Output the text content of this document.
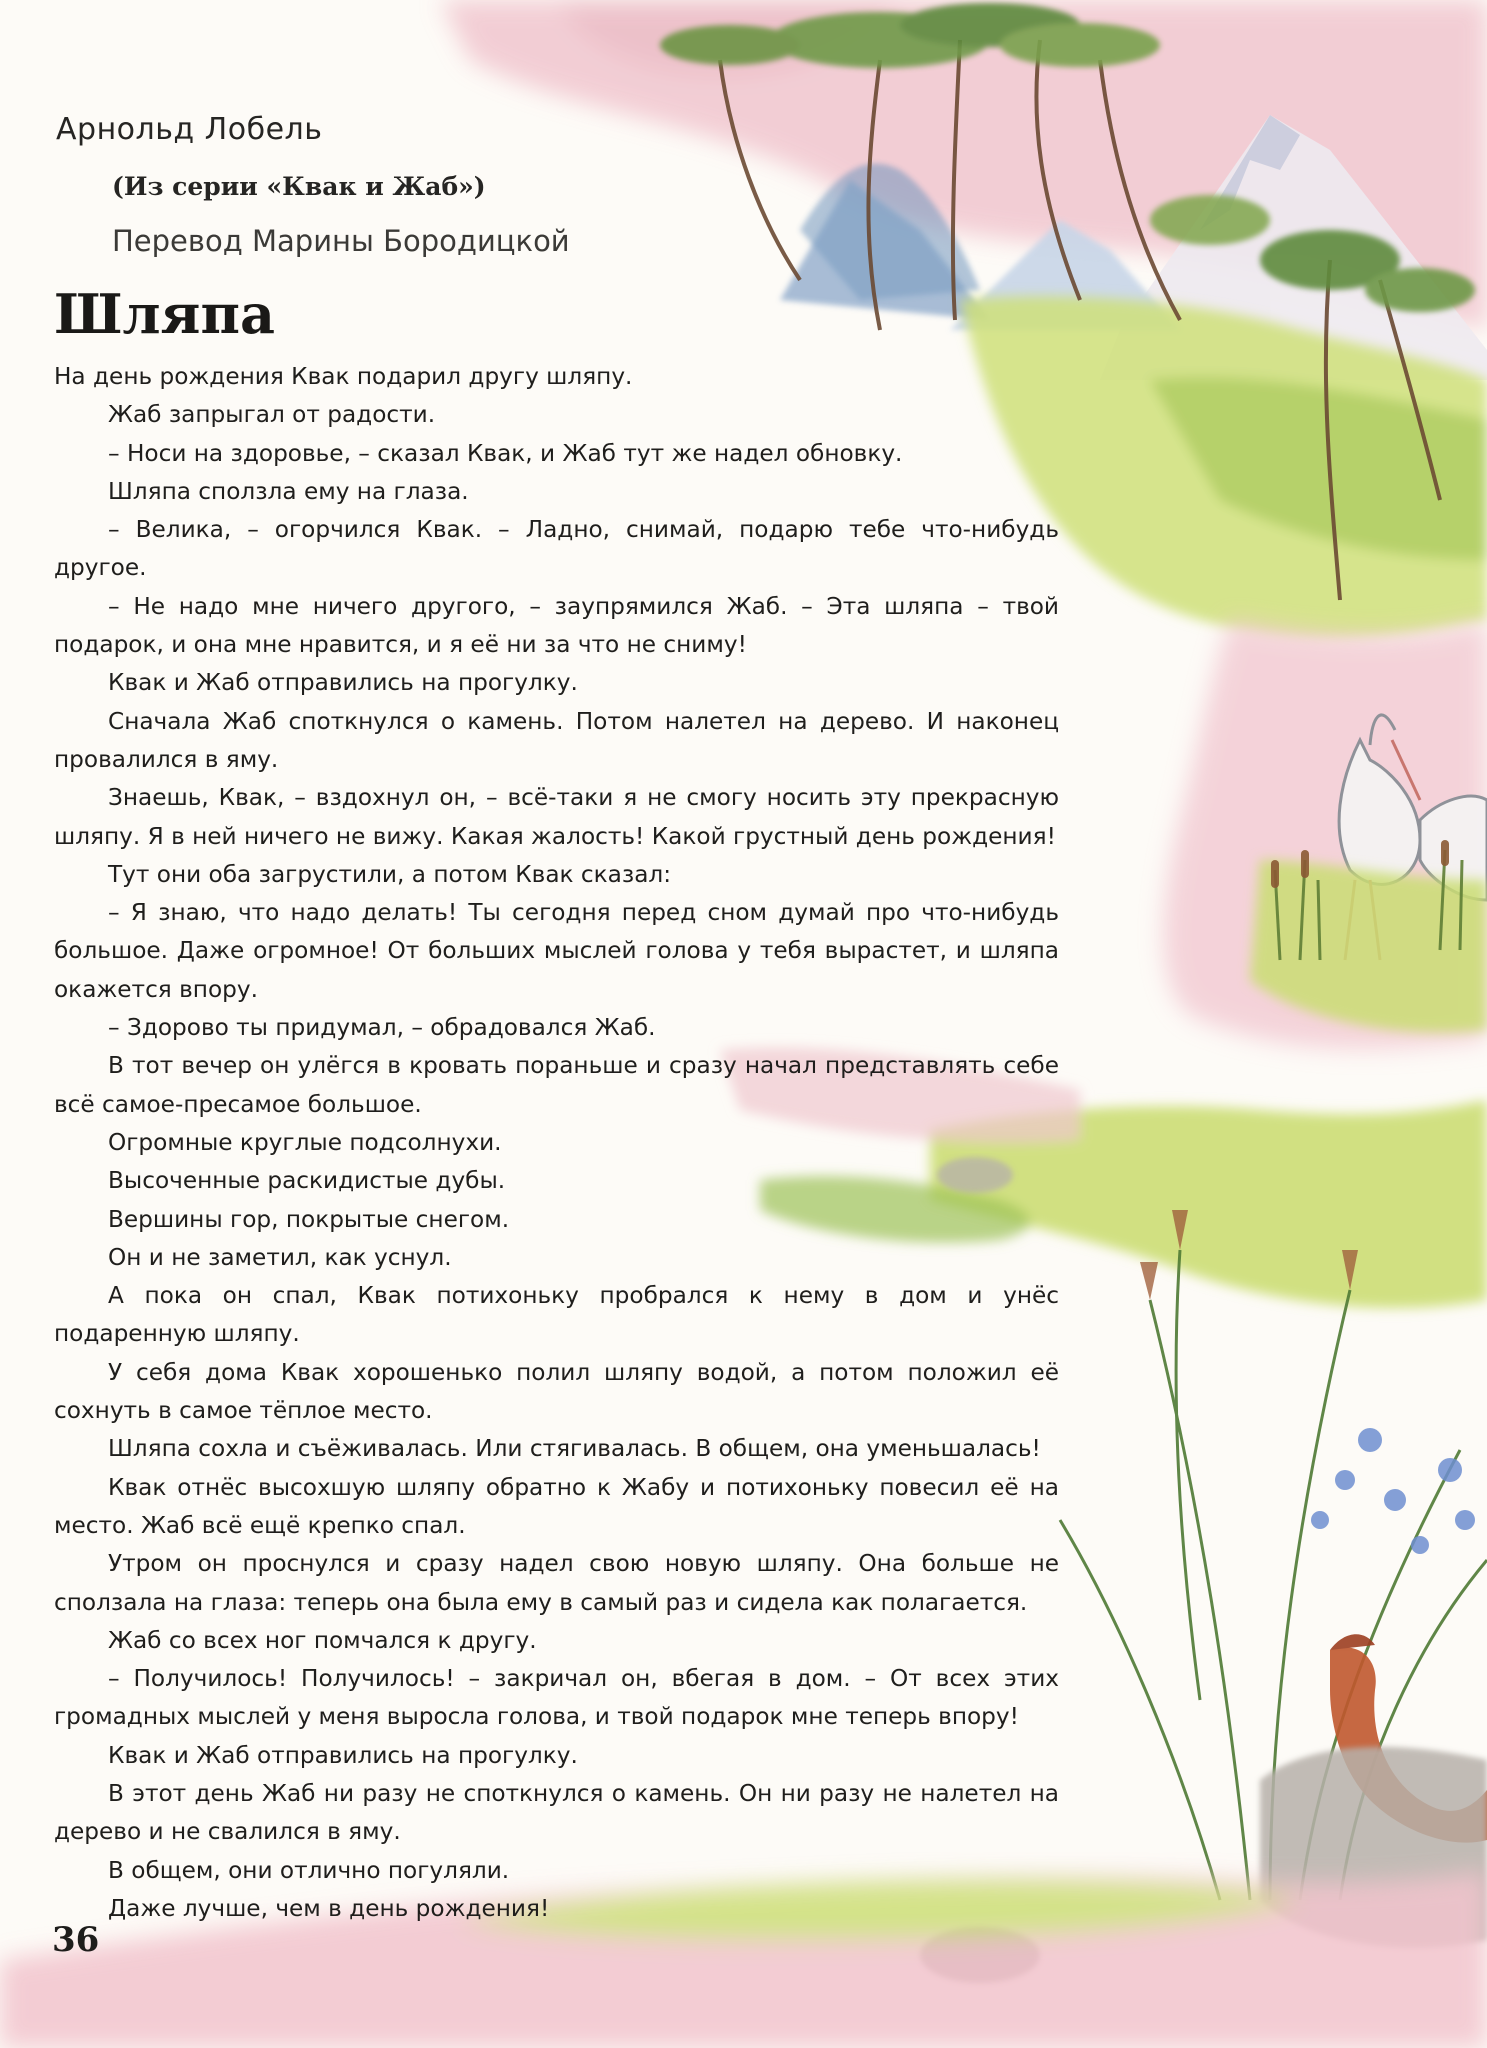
Арнольд Лобель
(Из серии «Квак и Жаб»)
Перевод Марины Бородицкой
Шляпа

На день рождения Квак подарил другу шляпу.

Жаб запрыгал от радости.

– Носи на здоровье, – сказал Квак, и Жаб тут же надел обновку.

Шляпа сползла ему на глаза.

– Велика, – огорчился Квак. – Ладно, снимай, подарю тебе что-нибудь другое.

– Не надо мне ничего другого, – заупрямился Жаб. – Эта шляпа – твой подарок, и она мне нравится, и я её ни за что не сниму!

Квак и Жаб отправились на прогулку.

Сначала Жаб споткнулся о камень. Потом налетел на дерево. И наконец провалился в яму.

Знаешь, Квак, – вздохнул он, – всё-таки я не смогу носить эту прекрасную шляпу. Я в ней ничего не вижу. Какая жалость! Какой грустный день рождения!

Тут они оба загрустили, а потом Квак сказал:

– Я знаю, что надо делать! Ты сегодня перед сном думай про что-нибудь большое. Даже огромное! От больших мыслей голова у тебя вырастет, и шляпа окажется впору.

– Здорово ты придумал, – обрадовался Жаб.

В тот вечер он улёгся в кровать пораньше и сразу начал представлять себе всё самое-пресамое большое.

Огромные круглые подсолнухи.

Высоченные раскидистые дубы.

Вершины гор, покрытые снегом.

Он и не заметил, как уснул.

А пока он спал, Квак потихоньку пробрался к нему в дом и унёс подаренную шляпу.

У себя дома Квак хорошенько полил шляпу водой, а потом положил её сохнуть в самое тёплое место.

Шляпа сохла и съёживалась. Или стягивалась. В общем, она уменьшалась!

Квак отнёс высохшую шляпу обратно к Жабу и потихоньку повесил её на место. Жаб всё ещё крепко спал.

Утром он проснулся и сразу надел свою новую шляпу. Она больше не сползала на глаза: теперь она была ему в самый раз и сидела как полагается.

Жаб со всех ног помчался к другу.

– Получилось! Получилось! – закричал он, вбегая в дом. – От всех этих громадных мыслей у меня выросла голова, и твой подарок мне теперь впору!

Квак и Жаб отправились на прогулку.

В этот день Жаб ни разу не споткнулся о камень. Он ни разу не налетел на дерево и не свалился в яму.

В общем, они отлично погуляли.

Даже лучше, чем в день рождения!

36
